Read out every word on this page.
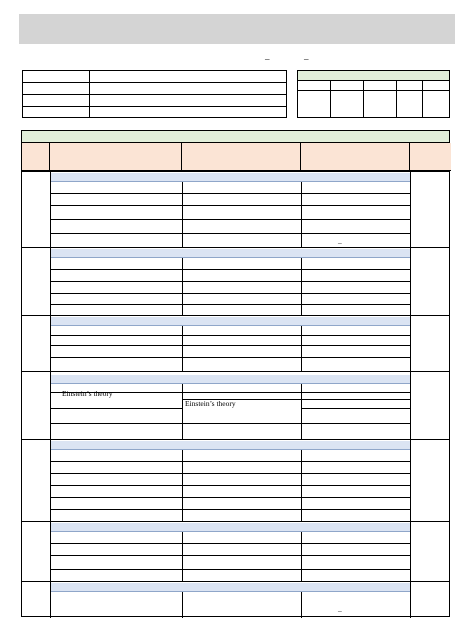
–	–
–
Einstein’s theory
Einstein’s theory
–
